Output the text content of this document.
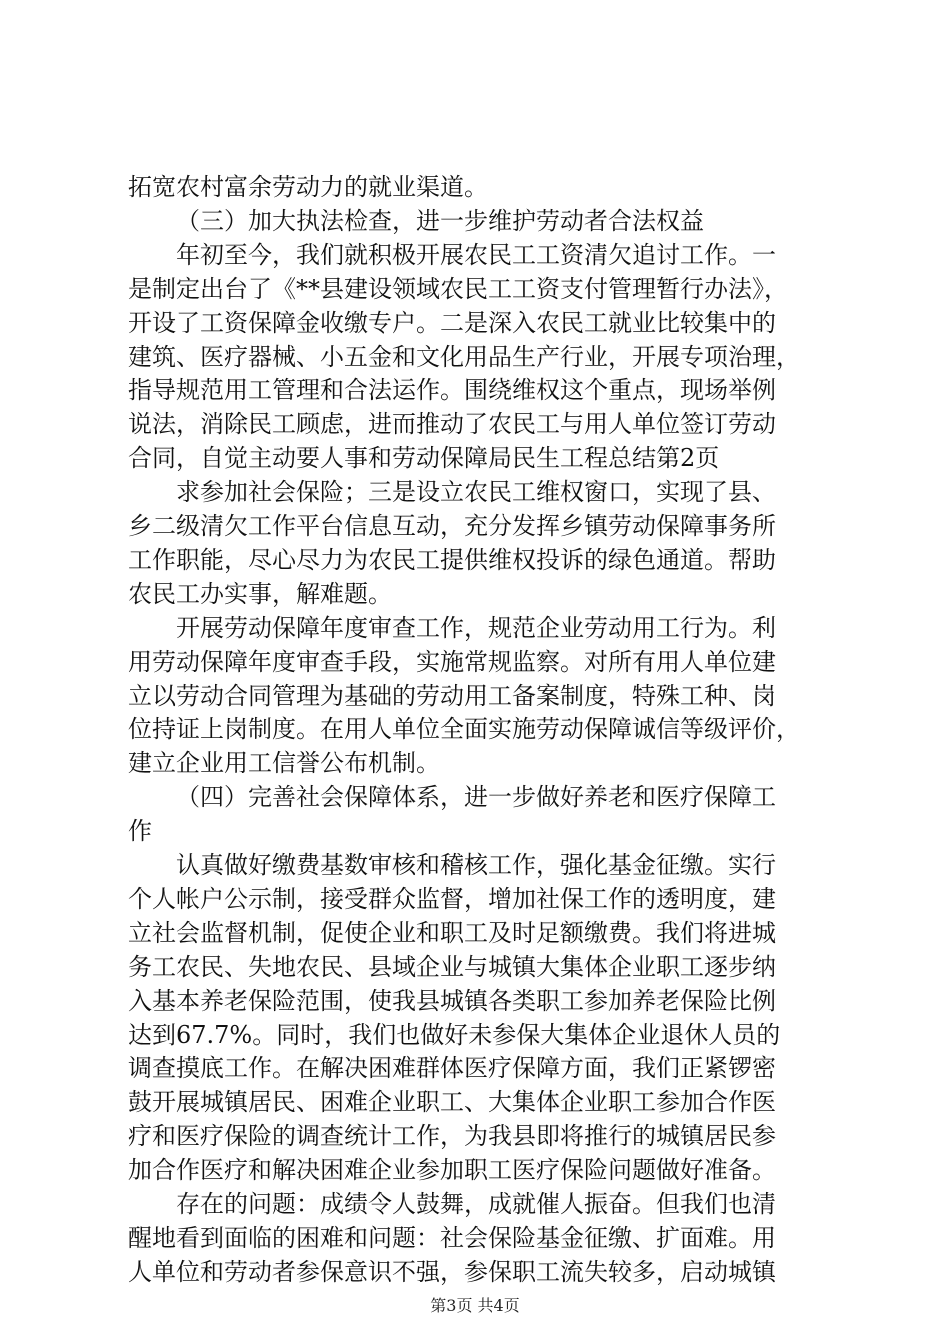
拓宽农村富余劳动力的就业渠道。
（三）加大执法检查，进一步维护劳动者合法权益
年初至今，我们就积极开展农民工工资清欠追讨工作。一
是制定出台了《**县建设领域农民工工资支付管理暂行办法》，
开设了工资保障金收缴专户。二是深入农民工就业比较集中的
建筑、医疗器械、小五金和文化用品生产行业，开展专项治理，
指导规范用工管理和合法运作。围绕维权这个重点，现场举例
说法，消除民工顾虑，进而推动了农民工与用人单位签订劳动
合同，自觉主动要人事和劳动保障局民生工程总结第2页
求参加社会保险；三是设立农民工维权窗口，实现了县、
乡二级清欠工作平台信息互动，充分发挥乡镇劳动保障事务所
工作职能，尽心尽力为农民工提供维权投诉的绿色通道。帮助
农民工办实事，解难题。
开展劳动保障年度审查工作，规范企业劳动用工行为。利
用劳动保障年度审查手段，实施常规监察。对所有用人单位建
立以劳动合同管理为基础的劳动用工备案制度，特殊工种、岗
位持证上岗制度。在用人单位全面实施劳动保障诚信等级评价，
建立企业用工信誉公布机制。
（四）完善社会保障体系，进一步做好养老和医疗保障工
作
认真做好缴费基数审核和稽核工作，强化基金征缴。实行
个人帐户公示制，接受群众监督，增加社保工作的透明度，建
立社会监督机制，促使企业和职工及时足额缴费。我们将进城
务工农民、失地农民、县域企业与城镇大集体企业职工逐步纳
入基本养老保险范围，使我县城镇各类职工参加养老保险比例
达到67.7%。同时，我们也做好未参保大集体企业退休人员的
调查摸底工作。在解决困难群体医疗保障方面，我们正紧锣密
鼓开展城镇居民、困难企业职工、大集体企业职工参加合作医
疗和医疗保险的调查统计工作，为我县即将推行的城镇居民参
加合作医疗和解决困难企业参加职工医疗保险问题做好准备。
存在的问题：成绩令人鼓舞，成就催人振奋。但我们也清
醒地看到面临的困难和问题：社会保险基金征缴、扩面难。用
人单位和劳动者参保意识不强，参保职工流失较多，启动城镇
第3页 共4页
